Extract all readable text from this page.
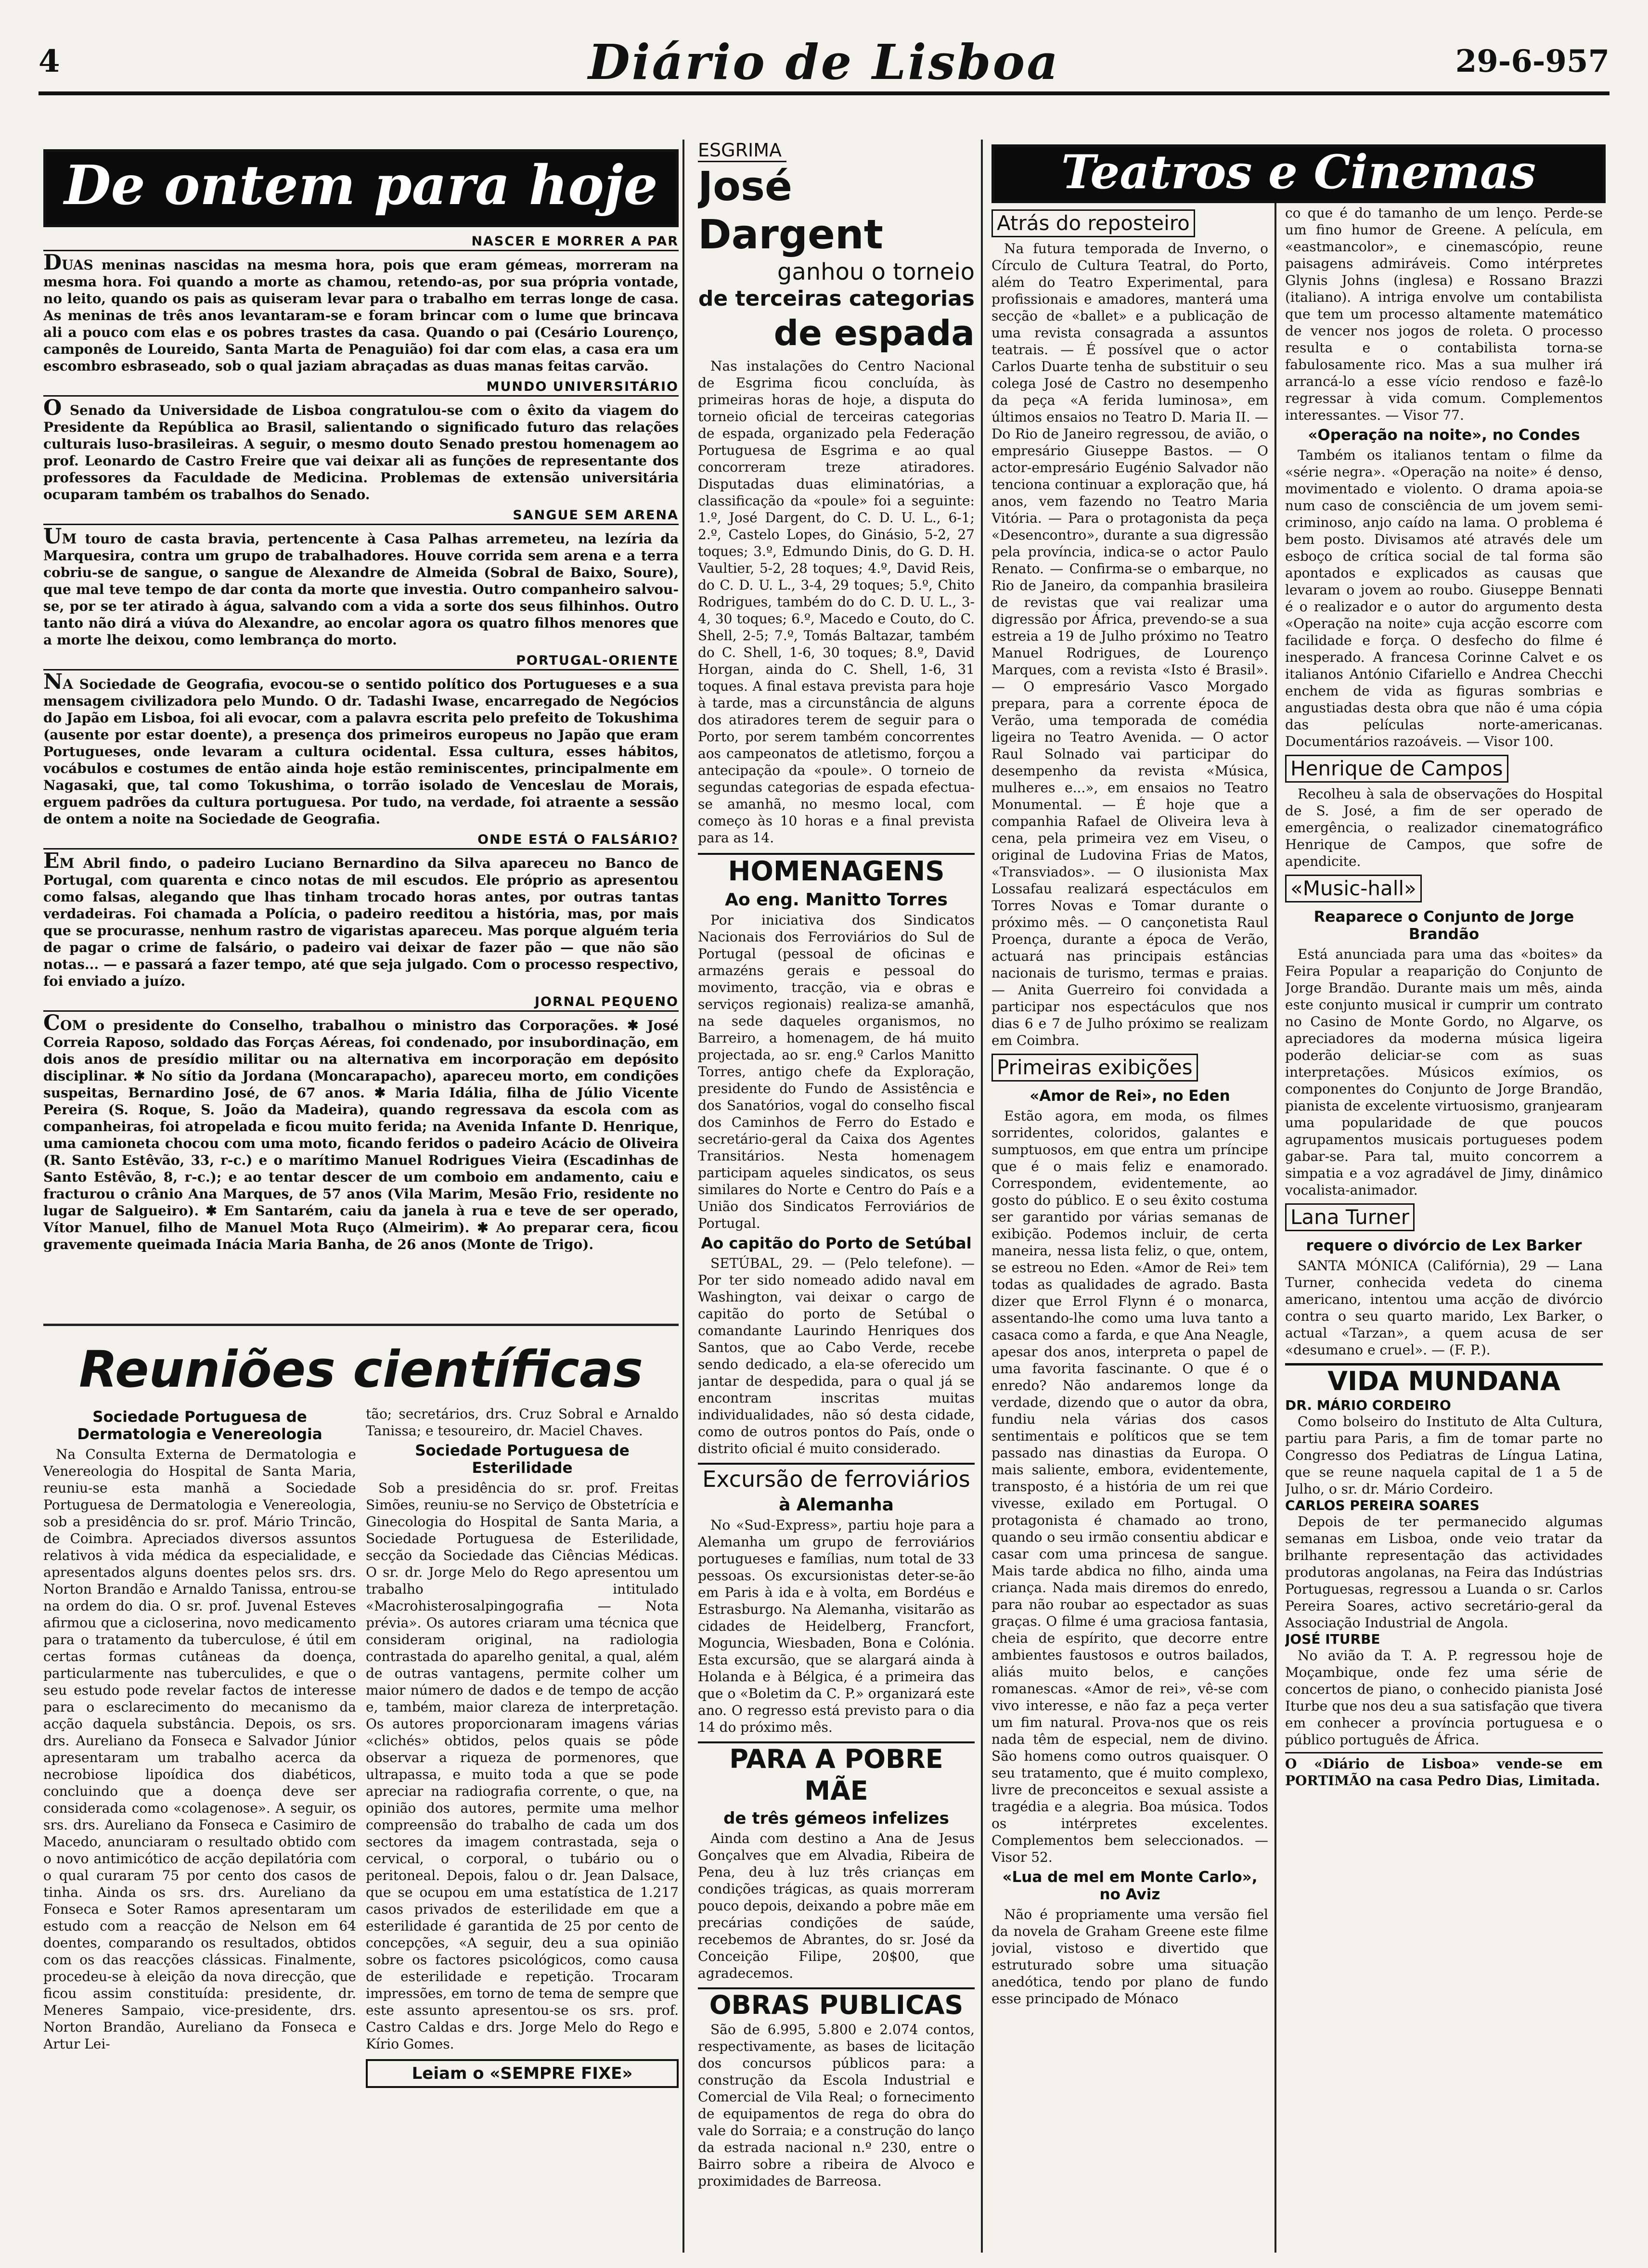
4	Diário de Lisboa	29-6-957
De ontem para hoje
NASCER E MORRER A PAR

DUAS meninas nascidas na mesma hora, pois que eram gémeas, morreram na mesma hora. Foi quando a morte as chamou, retendo-as, por sua própria vontade, no leito, quando os pais as quiseram levar para o trabalho em terras longe de casa. As meninas de três anos levantaram-se e foram brincar com o lume que brincava ali a pouco com elas e os pobres trastes da casa. Quando o pai (Cesário Lourenço, camponês de Loureido, Santa Marta de Penaguião) foi dar com elas, a casa era um escombro esbraseado, sob o qual jaziam abraçadas as duas manas feitas carvão.

MUNDO UNIVERSITÁRIO

O Senado da Universidade de Lisboa congratulou-se com o êxito da viagem do Presidente da República ao Brasil, salientando o significado futuro das relações culturais luso-brasileiras. A seguir, o mesmo douto Senado prestou homenagem ao prof. Leonardo de Castro Freire que vai deixar ali as funções de representante dos professores da Faculdade de Medicina. Problemas de extensão universitária ocuparam também os trabalhos do Senado.

SANGUE SEM ARENA

UM touro de casta bravia, pertencente à Casa Palhas arremeteu, na lezíria da Marquesira, contra um grupo de trabalhadores. Houve corrida sem arena e a terra cobriu-se de sangue, o sangue de Alexandre de Almeida (Sobral de Baixo, Soure), que mal teve tempo de dar conta da morte que investia. Outro companheiro salvou-se, por se ter atirado à água, salvando com a vida a sorte dos seus filhinhos. Outro tanto não dirá a viúva do Alexandre, ao encolar agora os quatro filhos menores que a morte lhe deixou, como lembrança do morto.

PORTUGAL-ORIENTE

NA Sociedade de Geografia, evocou-se o sentido político dos Portugueses e a sua mensagem civilizadora pelo Mundo. O dr. Tadashi Iwase, encarregado de Negócios do Japão em Lisboa, foi ali evocar, com a palavra escrita pelo prefeito de Tokushima (ausente por estar doente), a presença dos primeiros europeus no Japão que eram Portugueses, onde levaram a cultura ocidental. Essa cultura, esses hábitos, vocábulos e costumes de então ainda hoje estão reminiscentes, principalmente em Nagasaki, que, tal como Tokushima, o torrão isolado de Venceslau de Morais, erguem padrões da cultura portuguesa. Por tudo, na verdade, foi atraente a sessão de ontem a noite na Sociedade de Geografia.

ONDE ESTÁ O FALSÁRIO?

EM Abril findo, o padeiro Luciano Bernardino da Silva apareceu no Banco de Portugal, com quarenta e cinco notas de mil escudos. Ele próprio as apresentou como falsas, alegando que lhas tinham trocado horas antes, por outras tantas verdadeiras. Foi chamada a Polícia, o padeiro reeditou a história, mas, por mais que se procurasse, nenhum rastro de vigaristas apareceu. Mas porque alguém teria de pagar o crime de falsário, o padeiro vai deixar de fazer pão — que não são notas... — e passará a fazer tempo, até que seja julgado. Com o processo respectivo, foi enviado a juízo.

JORNAL PEQUENO

COM o presidente do Conselho, trabalhou o ministro das Corporações. ✱ José Correia Raposo, soldado das Forças Aéreas, foi condenado, por insubordinação, em dois anos de presídio militar ou na alternativa em incorporação em depósito disciplinar. ✱ No sítio da Jordana (Moncarapacho), apareceu morto, em condições suspeitas, Bernardino José, de 67 anos. ✱ Maria Idália, filha de Júlio Vicente Pereira (S. Roque, S. João da Madeira), quando regressava da escola com as companheiras, foi atropelada e ficou muito ferida; na Avenida Infante D. Henrique, uma camioneta chocou com uma moto, ficando feridos o padeiro Acácio de Oliveira (R. Santo Estêvão, 33, r-c.) e o marítimo Manuel Rodrigues Vieira (Escadinhas de Santo Estêvão, 8, r-c.); e ao tentar descer de um comboio em andamento, caiu e fracturou o crânio Ana Marques, de 57 anos (Vila Marim, Mesão Frio, residente no lugar de Salgueiro). ✱ Em Santarém, caiu da janela à rua e teve de ser operado, Vítor Manuel, filho de Manuel Mota Ruço (Almeirim). ✱ Ao preparar cera, ficou gravemente queimada Inácia Maria Banha, de 26 anos (Monte de Trigo).

Reuniões científicas
Sociedade Portuguesa de Dermatologia e Venereologia

Na Consulta Externa de Dermatologia e Venereologia do Hospital de Santa Maria, reuniu-se esta manhã a Sociedade Portuguesa de Dermatologia e Venereologia, sob a presidência do sr. prof. Mário Trincão, de Coimbra. Apreciados diversos assuntos relativos à vida médica da especialidade, e apresentados alguns doentes pelos srs. drs. Norton Brandão e Arnaldo Tanissa, entrou-se na ordem do dia. O sr. prof. Juvenal Esteves afirmou que a cicloserina, novo medicamento para o tratamento da tuberculose, é útil em certas formas cutâneas da doença, particularmente nas tuberculides, e que o seu estudo pode revelar factos de interesse para o esclarecimento do mecanismo da acção daquela substância. Depois, os srs. drs. Aureliano da Fonseca e Salvador Júnior apresentaram um trabalho acerca da necrobiose lipoídica dos diabéticos, concluindo que a doença deve ser considerada como «colagenose». A seguir, os srs. drs. Aureliano da Fonseca e Casimiro de Macedo, anunciaram o resultado obtido com o novo antimicótico de acção depilatória com o qual curaram 75 por cento dos casos de tinha. Ainda os srs. drs. Aureliano da Fonseca e Soter Ramos apresentaram um estudo com a reacção de Nelson em 64 doentes, comparando os resultados, obtidos com os das reacções clássicas. Finalmente, procedeu-se à eleição da nova direcção, que ficou assim constituída: presidente, dr. Meneres Sampaio, vice-presidente, drs. Norton Brandão, Aureliano da Fonseca e Artur Lei-

tão; secretários, drs. Cruz Sobral e Arnaldo Tanissa; e tesoureiro, dr. Maciel Chaves.

Sociedade Portuguesa de Esterilidade

Sob a presidência do sr. prof. Freitas Simões, reuniu-se no Serviço de Obstetrícia e Ginecologia do Hospital de Santa Maria, a Sociedade Portuguesa de Esterilidade, secção da Sociedade das Ciências Médicas. O sr. dr. Jorge Melo do Rego apresentou um trabalho intitulado «Macrohisterosalpingografia — Nota prévia». Os autores criaram uma técnica que consideram original, na radiologia contrastada do aparelho genital, a qual, além de outras vantagens, permite colher um maior número de dados e de tempo de acção e, também, maior clareza de interpretação. Os autores proporcionaram imagens várias «clichés» obtidos, pelos quais se pôde observar a riqueza de pormenores, que ultrapassa, e muito toda a que se pode apreciar na radiografia corrente, o que, na opinião dos autores, permite uma melhor compreensão do trabalho de cada um dos sectores da imagem contrastada, seja o cervical, o corporal, o tubário ou o peritoneal. Depois, falou o dr. Jean Dalsace, que se ocupou em uma estatística de 1.217 casos privados de esterilidade em que a esterilidade é garantida de 25 por cento de concepções, «A seguir, deu a sua opinião sobre os factores psicológicos, como causa de esterilidade e repetição. Trocaram impressões, em torno de tema de sempre que este assunto apresentou-se os srs. prof. Castro Caldas e drs. Jorge Melo do Rego e Kírio Gomes.

Leiam o «SEMPRE FIXE»
ESGRIMA
José Dargent
ganhou o torneio
de terceiras categorias
de espada

Nas instalações do Centro Nacional de Esgrima ficou concluída, às primeiras horas de hoje, a disputa do torneio oficial de terceiras categorias de espada, organizado pela Federação Portuguesa de Esgrima e ao qual concorreram treze atiradores. Disputadas duas eliminatórias, a classificação da «poule» foi a seguinte: 1.º, José Dargent, do C. D. U. L., 6-1; 2.º, Castelo Lopes, do Ginásio, 5-2, 27 toques; 3.º, Edmundo Dinis, do G. D. H. Vaultier, 5-2, 28 toques; 4.º, David Reis, do C. D. U. L., 3-4, 29 toques; 5.º, Chito Rodrigues, também do do C. D. U. L., 3-4, 30 toques; 6.º, Macedo e Couto, do C. Shell, 2-5; 7.º, Tomás Baltazar, também do C. Shell, 1-6, 30 toques; 8.º, David Horgan, ainda do C. Shell, 1-6, 31 toques. A final estava prevista para hoje à tarde, mas a circunstância de alguns dos atiradores terem de seguir para o Porto, por serem também concorrentes aos campeonatos de atletismo, forçou a antecipação da «poule». O torneio de segundas categorias de espada efectua-se amanhã, no mesmo local, com começo às 10 horas e a final prevista para as 14.

HOMENAGENS
Ao eng. Manitto Torres

Por iniciativa dos Sindicatos Nacionais dos Ferroviários do Sul de Portugal (pessoal de oficinas e armazéns gerais e pessoal do movimento, tracção, via e obras e serviços regionais) realiza-se amanhã, na sede daqueles organismos, no Barreiro, a homenagem, de há muito projectada, ao sr. eng.º Carlos Manitto Torres, antigo chefe da Exploração, presidente do Fundo de Assistência e dos Sanatórios, vogal do conselho fiscal dos Caminhos de Ferro do Estado e secretário-geral da Caixa dos Agentes Transitários. Nesta homenagem participam aqueles sindicatos, os seus similares do Norte e Centro do País e a União dos Sindicatos Ferroviários de Portugal.

Ao capitão do Porto de Setúbal

SETÚBAL, 29. — (Pelo telefone). — Por ter sido nomeado adido naval em Washington, vai deixar o cargo de capitão do porto de Setúbal o comandante Laurindo Henriques dos Santos, que ao Cabo Verde, recebe sendo dedicado, a ela-se oferecido um jantar de despedida, para o qual já se encontram inscritas muitas individualidades, não só desta cidade, como de outros pontos do País, onde o distrito oficial é muito considerado.

Excursão de ferroviários
à Alemanha

No «Sud-Express», partiu hoje para a Alemanha um grupo de ferroviários portugueses e famílias, num total de 33 pessoas. Os excursionistas deter-se-ão em Paris à ida e à volta, em Bordéus e Estrasburgo. Na Alemanha, visitarão as cidades de Heidelberg, Francfort, Moguncia, Wiesbaden, Bona e Colónia. Esta excursão, que se alargará ainda à Holanda e à Bélgica, é a primeira das que o «Boletim da C. P.» organizará este ano. O regresso está previsto para o dia 14 do próximo mês.

PARA A POBRE MÃE
de três gémeos infelizes

Ainda com destino a Ana de Jesus Gonçalves que em Alvadia, Ribeira de Pena, deu à luz três crianças em condições trágicas, as quais morreram pouco depois, deixando a pobre mãe em precárias condições de saúde, recebemos de Abrantes, do sr. José da Conceição Filipe, 20$00, que agradecemos.

OBRAS PUBLICAS

São de 6.995, 5.800 e 2.074 contos, respectivamente, as bases de licitação dos concursos públicos para: a construção da Escola Industrial e Comercial de Vila Real; o fornecimento de equipamentos de rega do obra do vale do Sorraia; e a construção do lanço da estrada nacional n.º 230, entre o Bairro sobre a ribeira de Alvoco e proximidades de Barreosa.

Teatros e Cinemas
Atrás do reposteiro

Na futura temporada de Inverno, o Círculo de Cultura Teatral, do Porto, além do Teatro Experimental, para profissionais e amadores, manterá uma secção de «ballet» e a publicação de uma revista consagrada a assuntos teatrais. — É possível que o actor Carlos Duarte tenha de substituir o seu colega José de Castro no desempenho da peça «A ferida luminosa», em últimos ensaios no Teatro D. Maria II. — Do Rio de Janeiro regressou, de avião, o empresário Giuseppe Bastos. — O actor-empresário Eugénio Salvador não tenciona continuar a exploração que, há anos, vem fazendo no Teatro Maria Vitória. — Para o protagonista da peça «Desencontro», durante a sua digressão pela província, indica-se o actor Paulo Renato. — Confirma-se o embarque, no Rio de Janeiro, da companhia brasileira de revistas que vai realizar uma digressão por África, prevendo-se a sua estreia a 19 de Julho próximo no Teatro Manuel Rodrigues, de Lourenço Marques, com a revista «Isto é Brasil». — O empresário Vasco Morgado prepara, para a corrente época de Verão, uma temporada de comédia ligeira no Teatro Avenida. — O actor Raul Solnado vai participar do desempenho da revista «Música, mulheres e...», em ensaios no Teatro Monumental. — É hoje que a companhia Rafael de Oliveira leva à cena, pela primeira vez em Viseu, o original de Ludovina Frias de Matos, «Transviados». — O ilusionista Max Lossafau realizará espectáculos em Torres Novas e Tomar durante o próximo mês. — O cançonetista Raul Proença, durante a época de Verão, actuará nas principais estâncias nacionais de turismo, termas e praias. — Anita Guerreiro foi convidada a participar nos espectáculos que nos dias 6 e 7 de Julho próximo se realizam em Coimbra.

Primeiras exibições
«Amor de Rei», no Eden

Estão agora, em moda, os filmes sorridentes, coloridos, galantes e sumptuosos, em que entra um príncipe que é o mais feliz e enamorado. Correspondem, evidentemente, ao gosto do público. E o seu êxito costuma ser garantido por várias semanas de exibição. Podemos incluir, de certa maneira, nessa lista feliz, o que, ontem, se estreou no Eden. «Amor de Rei» tem todas as qualidades de agrado. Basta dizer que Errol Flynn é o monarca, assentando-lhe como uma luva tanto a casaca como a farda, e que Ana Neagle, apesar dos anos, interpreta o papel de uma favorita fascinante. O que é o enredo? Não andaremos longe da verdade, dizendo que o autor da obra, fundiu nela várias dos casos sentimentais e políticos que se tem passado nas dinastias da Europa. O mais saliente, embora, evidentemente, transposto, é a história de um rei que vivesse, exilado em Portugal. O protagonista é chamado ao trono, quando o seu irmão consentiu abdicar e casar com uma princesa de sangue. Mais tarde abdica no filho, ainda uma criança. Nada mais diremos do enredo, para não roubar ao espectador as suas graças. O filme é uma graciosa fantasia, cheia de espírito, que decorre entre ambientes faustosos e outros bailados, aliás muito belos, e canções romanescas. «Amor de rei», vê-se com vivo interesse, e não faz a peça verter um fim natural. Prova-nos que os reis nada têm de especial, nem de divino. São homens como outros quaisquer. O seu tratamento, que é muito complexo, livre de preconceitos e sexual assiste a tragédia e a alegria. Boa música. Todos os intérpretes excelentes. Complementos bem seleccionados. — Visor 52.

«Lua de mel em Monte Carlo», no Aviz

Não é propriamente uma versão fiel da novela de Graham Greene este filme jovial, vistoso e divertido que estruturado sobre uma situação anedótica, tendo por plano de fundo esse principado de Mónaco

co que é do tamanho de um lenço. Perde-se um fino humor de Greene. A película, em «eastmancolor», e cinemascópio, reune paisagens admiráveis. Como intérpretes Glynis Johns (inglesa) e Rossano Brazzi (italiano). A intriga envolve um contabilista que tem um processo altamente matemático de vencer nos jogos de roleta. O processo resulta e o contabilista torna-se fabulosamente rico. Mas a sua mulher irá arrancá-lo a esse vício rendoso e fazê-lo regressar à vida comum. Complementos interessantes. — Visor 77.

«Operação na noite», no Condes

Também os italianos tentam o filme da «série negra». «Operação na noite» é denso, movimentado e violento. O drama apoia-se num caso de consciência de um jovem semi-criminoso, anjo caído na lama. O problema é bem posto. Divisamos até através dele um esboço de crítica social de tal forma são apontados e explicados as causas que levaram o jovem ao roubo. Giuseppe Bennati é o realizador e o autor do argumento desta «Operação na noite» cuja acção escorre com facilidade e força. O desfecho do filme é inesperado. A francesa Corinne Calvet e os italianos António Cifariello e Andrea Checchi enchem de vida as figuras sombrias e angustiadas desta obra que não é uma cópia das películas norte-americanas. Documentários razoáveis. — Visor 100.

Henrique de Campos

Recolheu à sala de observações do Hospital de S. José, a fim de ser operado de emergência, o realizador cinematográfico Henrique de Campos, que sofre de apendicite.

«Music-hall»
Reaparece o Conjunto de Jorge Brandão

Está anunciada para uma das «boites» da Feira Popular a reaparição do Conjunto de Jorge Brandão. Durante mais um mês, ainda este conjunto musical ir cumprir um contrato no Casino de Monte Gordo, no Algarve, os apreciadores da moderna música ligeira poderão deliciar-se com as suas interpretações. Músicos exímios, os componentes do Conjunto de Jorge Brandão, pianista de excelente virtuosismo, granjearam uma popularidade de que poucos agrupamentos musicais portugueses podem gabar-se. Para tal, muito concorrem a simpatia e a voz agradável de Jimy, dinâmico vocalista-animador.

Lana Turner
requere o divórcio de Lex Barker

SANTA MÓNICA (Califórnia), 29 — Lana Turner, conhecida vedeta do cinema americano, intentou uma acção de divórcio contra o seu quarto marido, Lex Barker, o actual «Tarzan», a quem acusa de ser «desumano e cruel». — (F. P.).

VIDA MUNDANA
DR. MÁRIO CORDEIRO

Como bolseiro do Instituto de Alta Cultura, partiu para Paris, a fim de tomar parte no Congresso dos Pediatras de Língua Latina, que se reune naquela capital de 1 a 5 de Julho, o sr. dr. Mário Cordeiro.

CARLOS PEREIRA SOARES

Depois de ter permanecido algumas semanas em Lisboa, onde veio tratar da brilhante representação das actividades produtoras angolanas, na Feira das Indústrias Portuguesas, regressou a Luanda o sr. Carlos Pereira Soares, activo secretário-geral da Associação Industrial de Angola.

JOSÉ ITURBE

No avião da T. A. P. regressou hoje de Moçambique, onde fez uma série de concertos de piano, o conhecido pianista José Iturbe que nos deu a sua satisfação que tivera em conhecer a província portuguesa e o público português de África.

O «Diário de Lisboa» vende-se em PORTIMÃO na casa Pedro Dias, Limitada.
